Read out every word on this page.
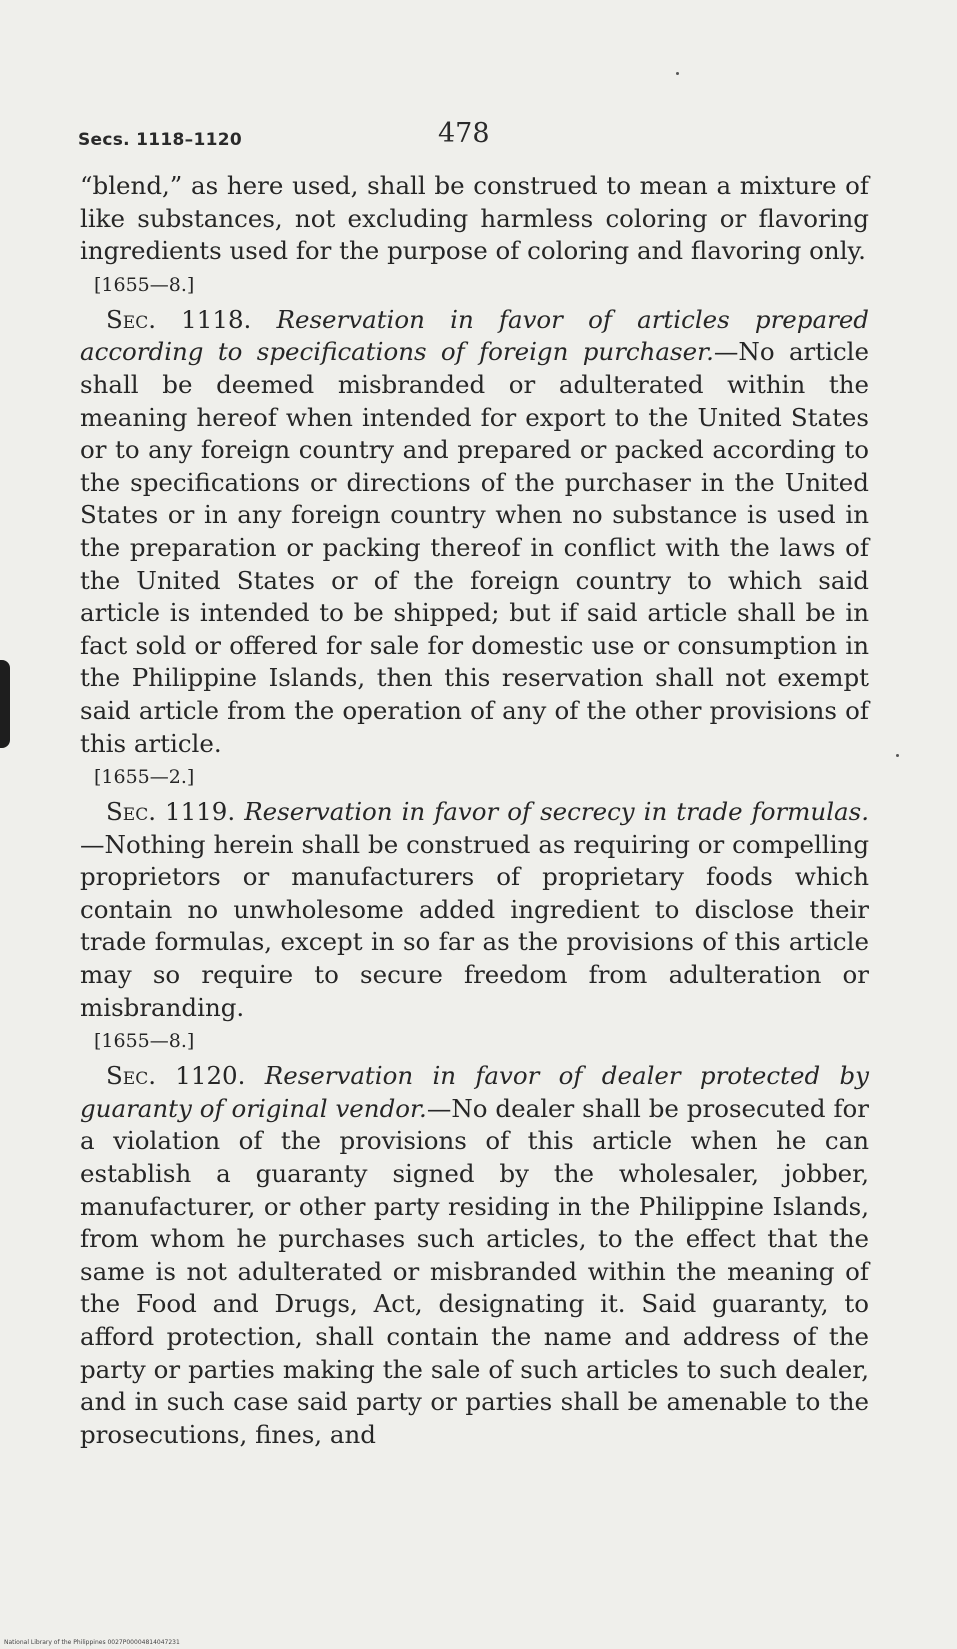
Secs. 1118–1120	478

“blend,” as here used, shall be construed to mean a mixture of like substances, not excluding harmless coloring or flavoring ingredients used for the purpose of coloring and flavoring only.

[1655—8.]

Sec. 1118. Reservation in favor of articles prepared according to specifications of foreign purchaser.—No article shall be deemed misbranded or adulterated within the meaning hereof when intended for export to the United States or to any foreign country and prepared or packed according to the specifications or directions of the purchaser in the United States or in any foreign country when no substance is used in the preparation or packing thereof in conflict with the laws of the United States or of the foreign country to which said article is intended to be shipped; but if said article shall be in fact sold or offered for sale for domestic use or consumption in the Philippine Islands, then this reservation shall not exempt said article from the operation of any of the other provisions of this article.

[1655—2.]

Sec. 1119. Reservation in favor of secrecy in trade formulas.—Nothing herein shall be construed as requiring or compelling proprietors or manufacturers of proprietary foods which contain no unwholesome added ingredient to disclose their trade formulas, except in so far as the provisions of this article may so require to secure freedom from adulteration or misbranding.

[1655—8.]

Sec. 1120. Reservation in favor of dealer protected by guaranty of original vendor.—No dealer shall be prosecuted for a violation of the provisions of this article when he can establish a guaranty signed by the wholesaler, jobber, manufacturer, or other party residing in the Philippine Islands, from whom he purchases such articles, to the effect that the same is not adulterated or misbranded within the meaning of the Food and Drugs, Act, designating it. Said guaranty, to afford protection, shall contain the name and address of the party or parties making the sale of such articles to such dealer, and in such case said party or parties shall be amenable to the prosecutions, fines, and

National Library of the Philippines 0027P00004814047231
